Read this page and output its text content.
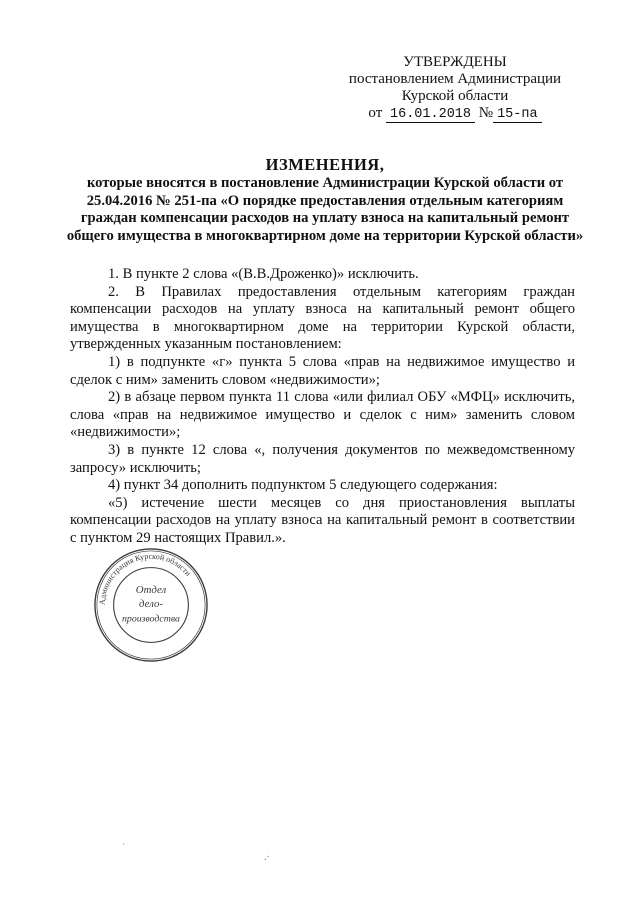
УТВЕРЖДЕНЫ
постановлением Администрации
Курской области
от 16.01.2018 № 15-па
ИЗМЕНЕНИЯ,
которые вносятся в постановление Администрации Курской области от 25.04.2016 № 251-па «О порядке предоставления отдельным категориям граждан компенсации расходов на уплату взноса на капитальный ремонт общего имущества в многоквартирном доме на территории Курской области»

1. В пункте 2 слова «(В.В.Дроженко)» исключить.

2. В Правилах предоставления отдельным категориям граждан компенсации расходов на уплату взноса на капитальный ремонт общего имущества в многоквартирном доме на территории Курской области, утвержденных указанным постановлением:

1) в подпункте «г» пункта 5 слова «прав на недвижимое имущество и сделок с ним» заменить словом «недвижимости»;

2) в абзаце первом пункта 11 слова «или филиал ОБУ «МФЦ» исключить, слова «прав на недвижимое имущество и сделок с ним» заменить словом «недвижимости»;

3) в пункте 12 слова «, получения документов по межведомственному запросу» исключить;

4) пункт 34 дополнить подпунктом 5 следующего содержания:

«5) истечение шести месяцев со дня приостановления выплаты компенсации расходов на уплату взноса на капитальный ремонт в соответствии с пунктом 29 настоящих Правил.».

Администрация Курской области
Отдел
дело-
производства
ˋ
.·
